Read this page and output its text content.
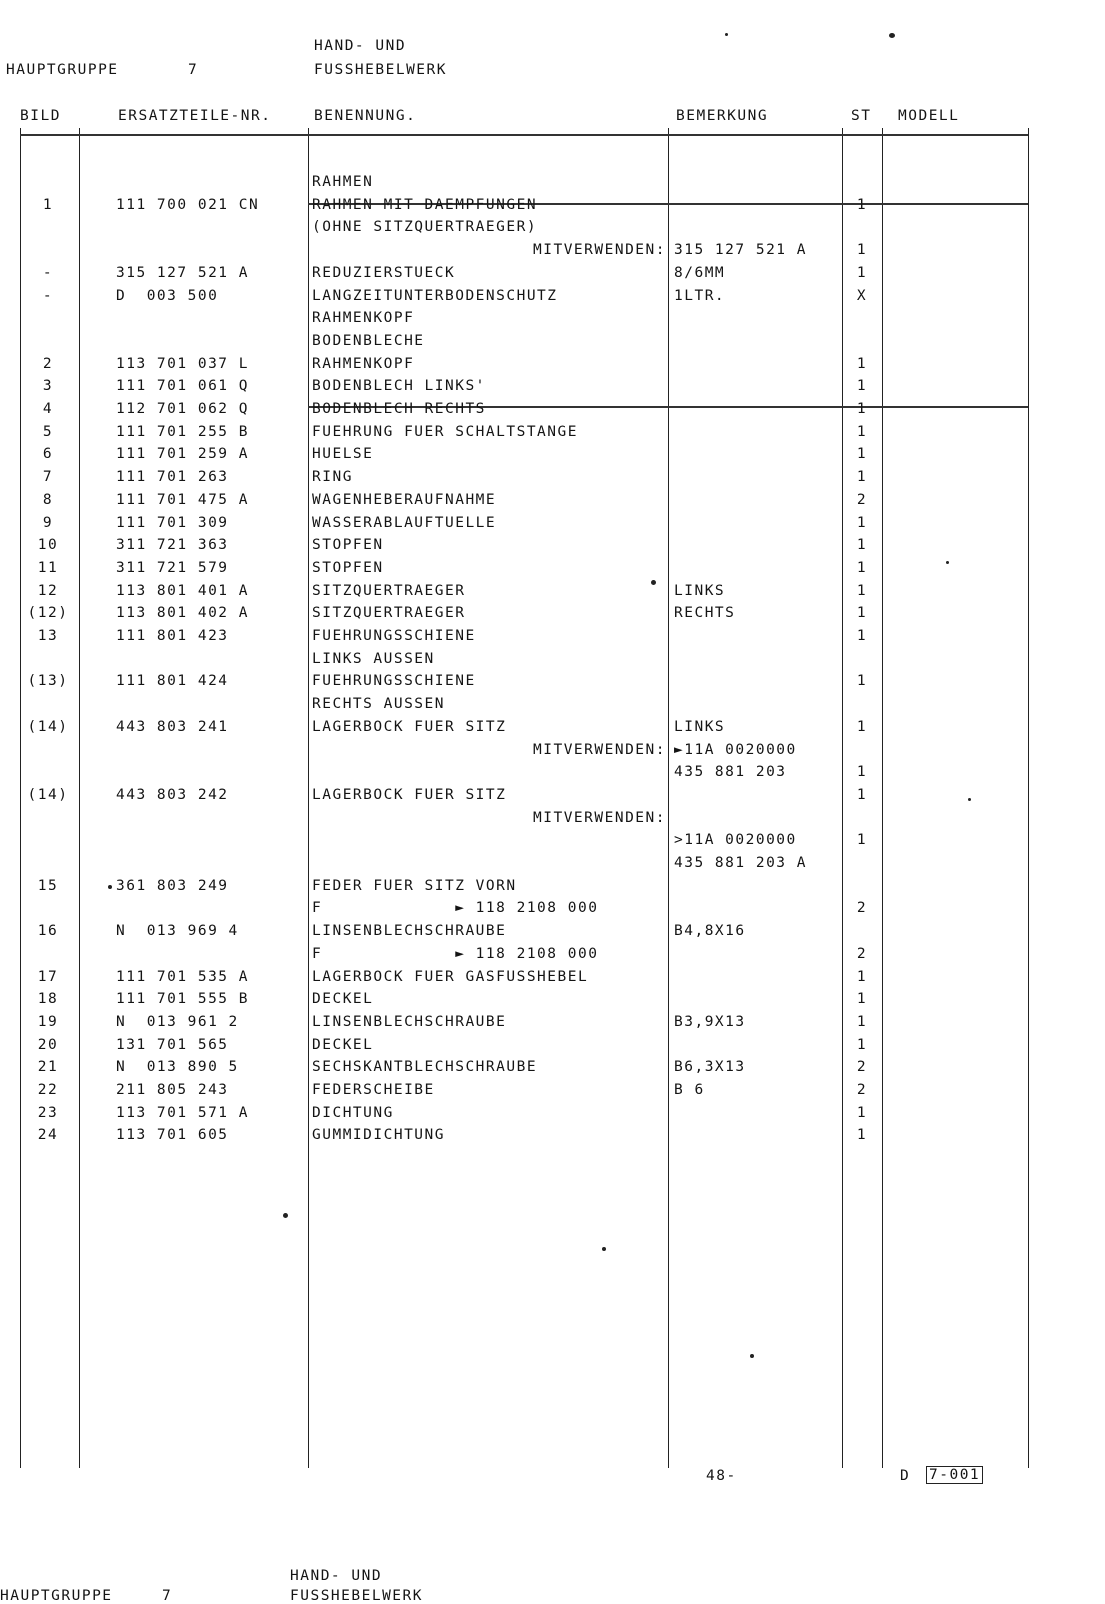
HAND- UND
HAUPTGRUPPE	7	FUSSHEBELWERK
BILD	ERSATZTEILE-NR.	BENENNUNG.	BEMERKUNG	ST MODELL
RAHMEN
1	111 700 021 CN	RAHMEN MIT DAEMPFUNGEN	1
(OHNE SITZQUERTRAEGER)
MITVERWENDEN: 315 127 521 A	1
-	315 127 521 A	REDUZIERSTUECK	8/6MM	1
-	D  003 500	LANGZEITUNTERBODENSCHUTZ	1LTR.	X
RAHMENKOPF
BODENBLECHE
2	113 701 037 L	RAHMENKOPF	1
3	111 701 061 Q	BODENBLECH LINKS'	1
4	112 701 062 Q	BODENBLECH RECHTS	1
5	111 701 255 B	FUEHRUNG FUER SCHALTSTANGE	1
6	111 701 259 A	HUELSE	1
7	111 701 263	RING	1
8	111 701 475 A	WAGENHEBERAUFNAHME	2
9	111 701 309	WASSERABLAUFTUELLE	1
10	311 721 363	STOPFEN	1
11	311 721 579	STOPFEN	1
12	113 801 401 A	SITZQUERTRAEGER	LINKS	1
(12)	113 801 402 A	SITZQUERTRAEGER	RECHTS	1
13	111 801 423	FUEHRUNGSSCHIENE	1
LINKS AUSSEN
(13)	111 801 424	FUEHRUNGSSCHIENE	1
RECHTS AUSSEN
(14)	443 803 241	LAGERBOCK FUER SITZ	LINKS	1
MITVERWENDEN: ►11A 0020000
435 881 203	1
(14)	443 803 242	LAGERBOCK FUER SITZ	1
MITVERWENDEN:
>11A 0020000	1
435 881 203 A
15	361 803 249	FEDER FUER SITZ VORN
F             ► 118 2108 000	2
16	N  013 969 4	LINSENBLECHSCHRAUBE	B4,8X16
F             ► 118 2108 000	2
17	111 701 535 A	LAGERBOCK FUER GASFUSSHEBEL	1
18	111 701 555 B	DECKEL	1
19	N  013 961 2	LINSENBLECHSCHRAUBE	B3,9X13	1
20	131 701 565	DECKEL	1
21	N  013 890 5	SECHSKANTBLECHSCHRAUBE	B6,3X13	2
22	211 805 243	FEDERSCHEIBE	B 6	2
23	113 701 571 A	DICHTUNG	1
24	113 701 605	GUMMIDICHTUNG	1
48-	D 7-001
HAND- UND
HAUPTGRUPPE	7	FUSSHEBELWERK
